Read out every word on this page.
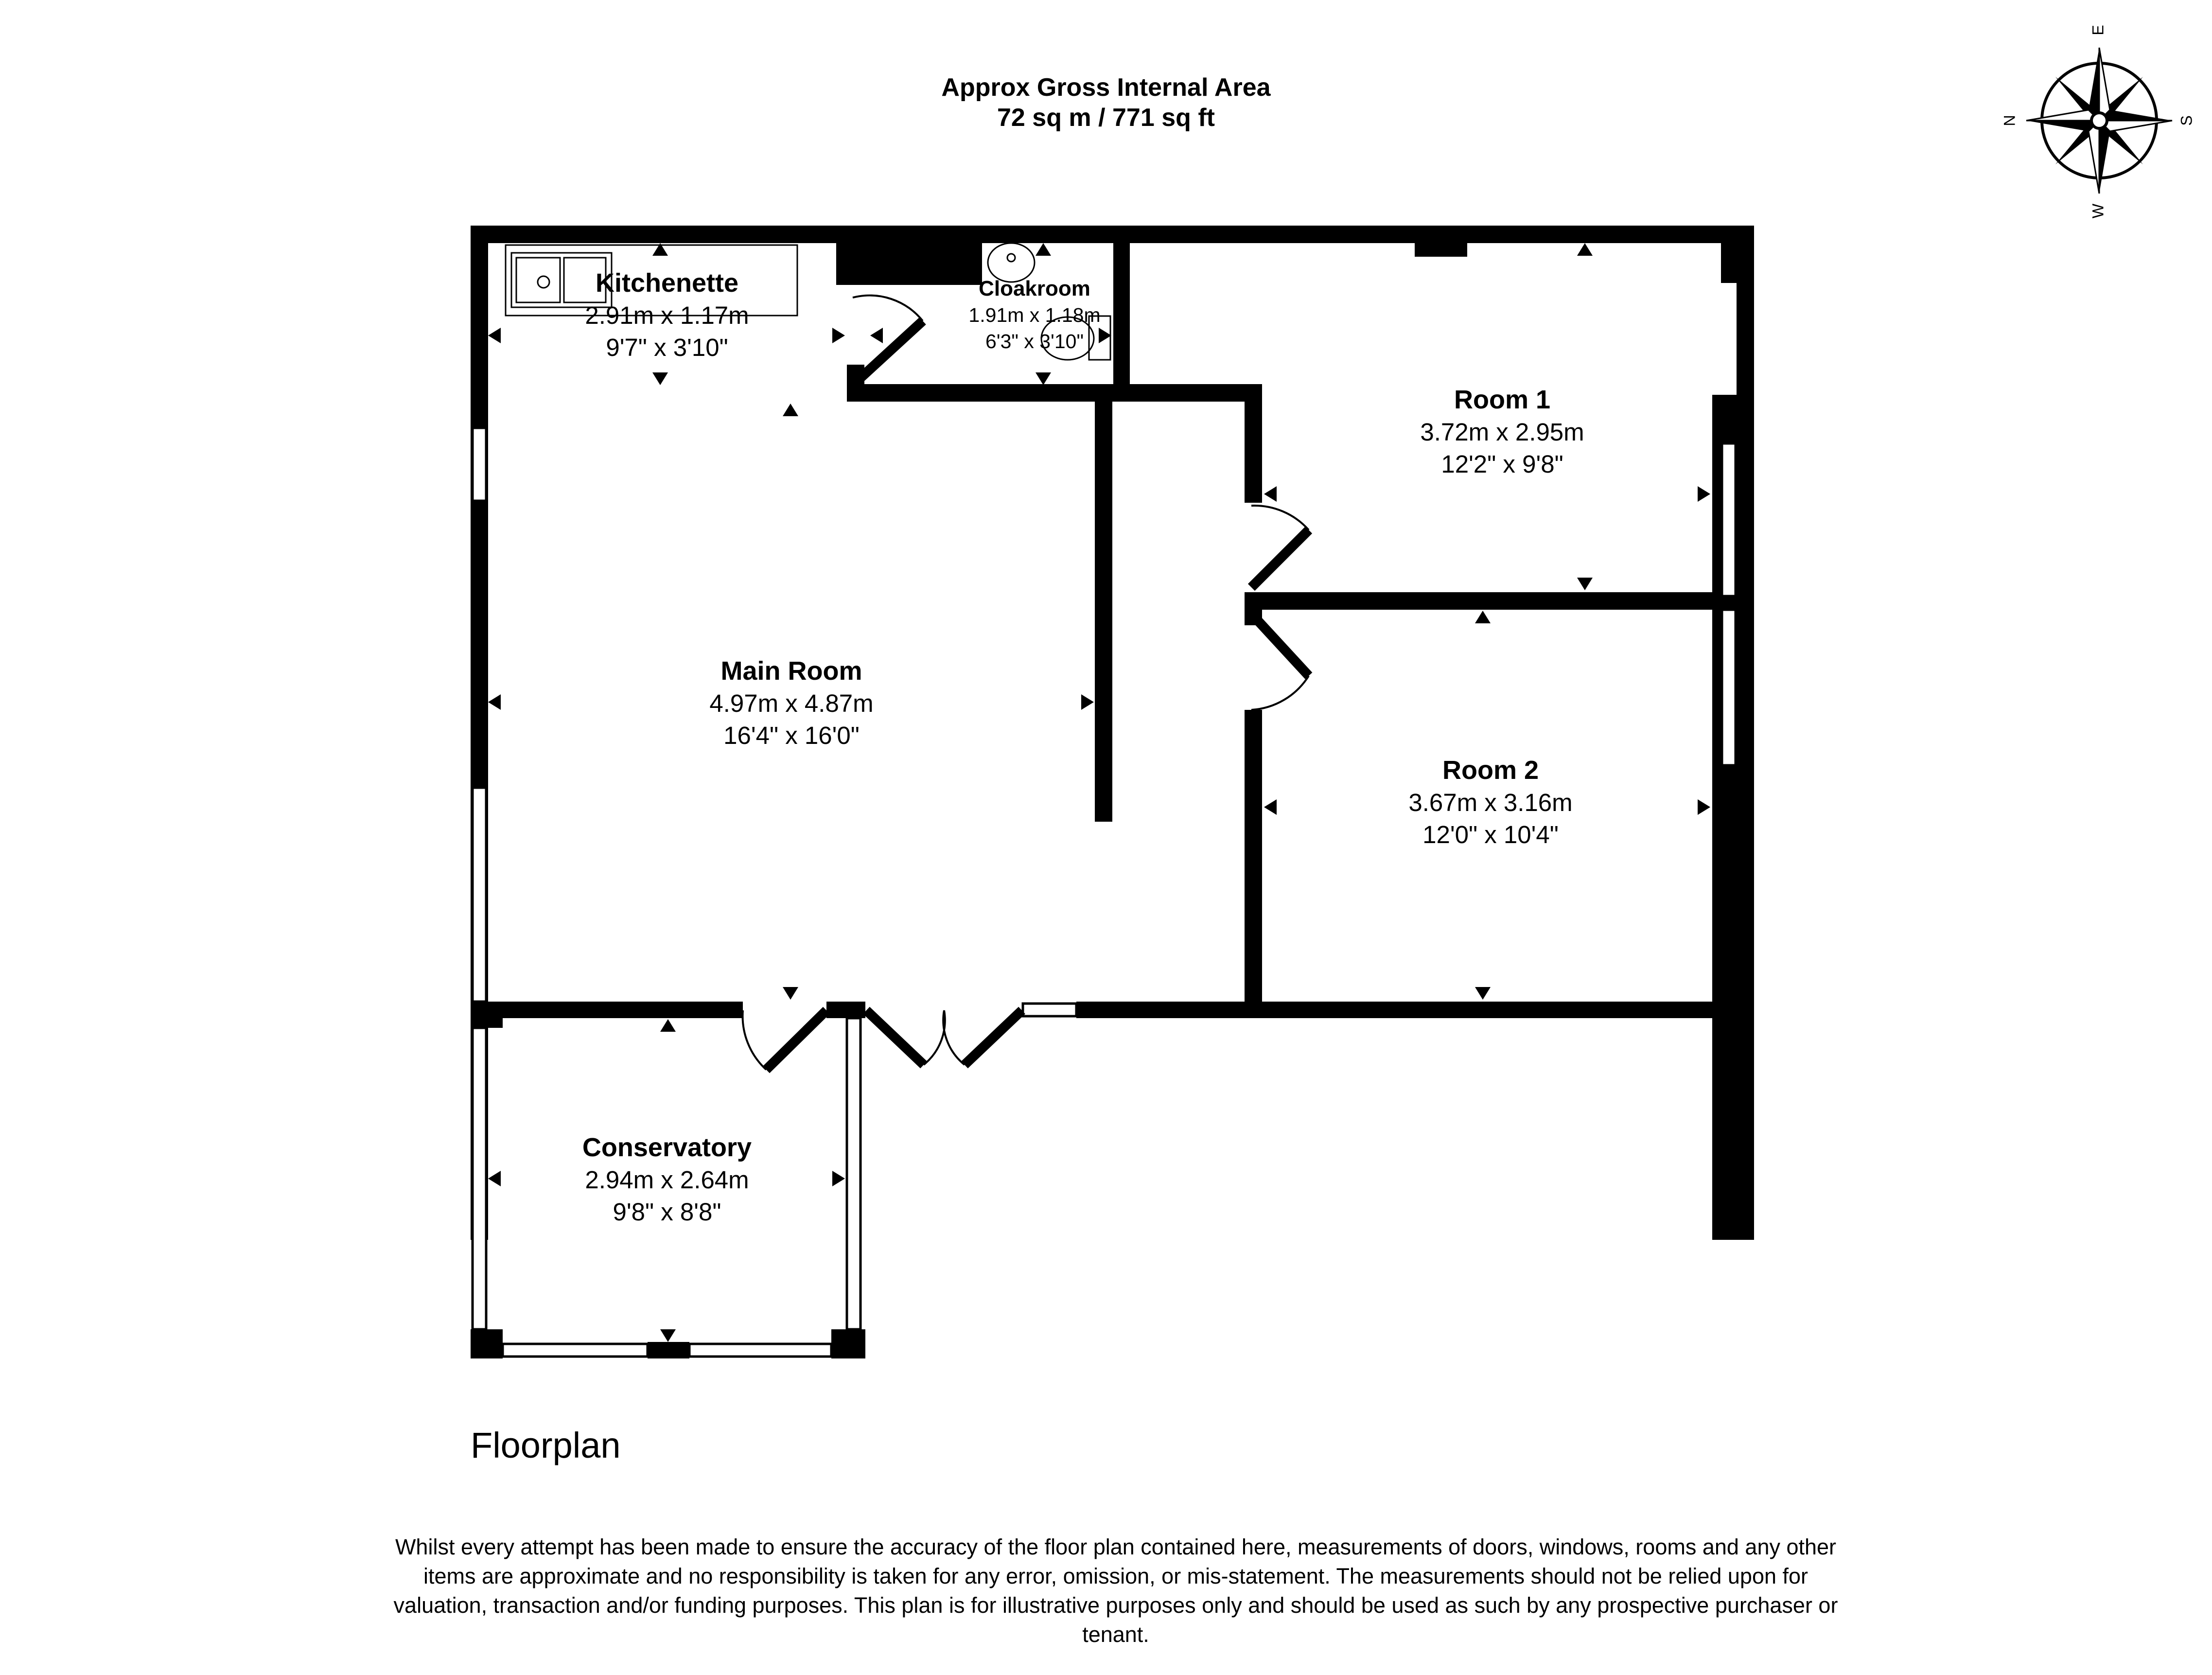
Approx Gross Internal Area
72 sq m / 771 sq ft
Kitchenette
2.91m x 1.17m
9'7" x 3'10"
Cloakroom
1.91m x 1.18m
6'3" x 3'10"
Room 1
3.72m x 2.95m
12'2" x 9'8"
Main Room
4.97m x 4.87m
16'4" x 16'0"
Room 2
3.67m x 3.16m
12'0" x 10'4"
Conservatory
2.94m x 2.64m
9'8" x 8'8"
N
E
S
W
Floorplan
Whilst every attempt has been made to ensure the accuracy of the floor plan contained here, measurements of doors, windows, rooms and any other items are approximate and no responsibility is taken for any error, omission, or mis-statement. The measurements should not be relied upon for valuation, transaction and/or funding purposes. This plan is for illustrative purposes only and should be used as such by any prospective purchaser or tenant.
